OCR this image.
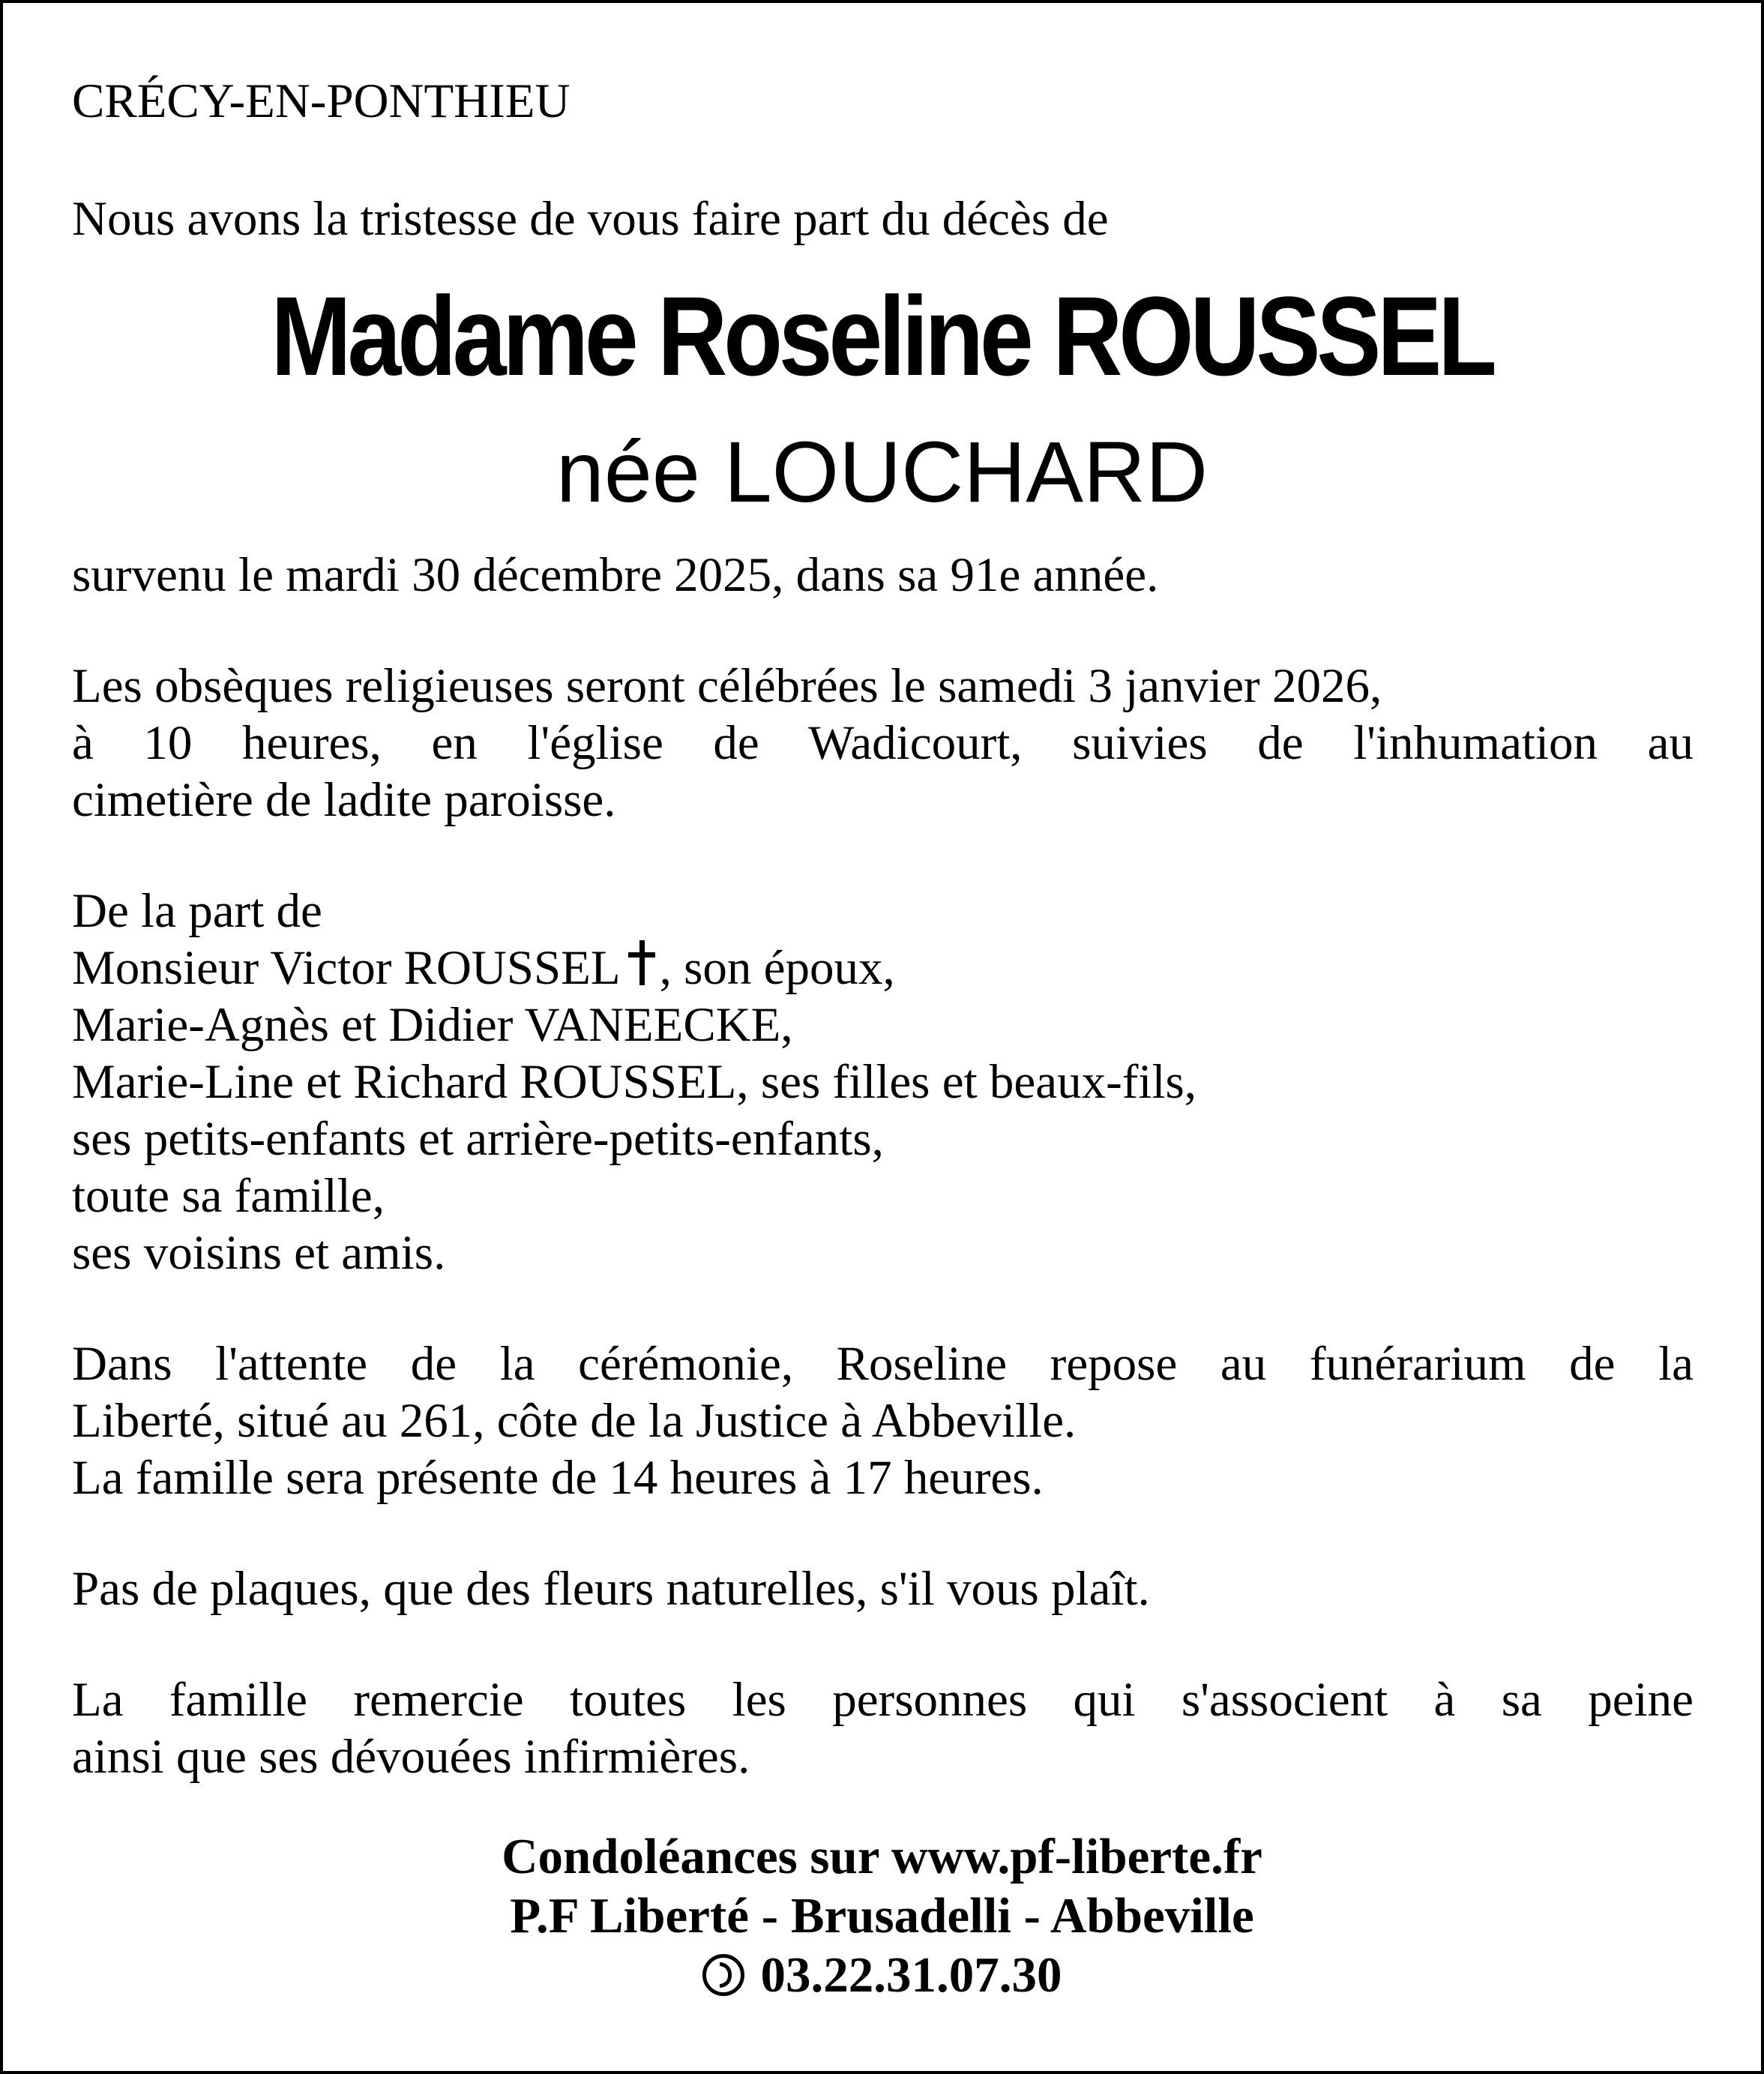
CRÉCY-EN-PONTHIEU
Nous avons la tristesse de vous faire part du décès de
Madame Roseline ROUSSEL
née LOUCHARD
survenu le mardi 30 décembre 2025, dans sa 91e année.
Les obsèques religieuses seront célébrées le samedi 3 janvier 2026,
à 10 heures, en l'église de Wadicourt, suivies de l'inhumation au
cimetière de ladite paroisse.
De la part de
Monsieur Victor ROUSSEL , son époux,
Marie-Agnès et Didier VANEECKE,
Marie-Line et Richard ROUSSEL, ses filles et beaux-fils,
ses petits-enfants et arrière-petits-enfants,
toute sa famille,
ses voisins et amis.
Dans l'attente de la cérémonie, Roseline repose au funérarium de la
Liberté, situé au 261, côte de la Justice à Abbeville.
La famille sera présente de 14 heures à 17 heures.
Pas de plaques, que des fleurs naturelles, s'il vous plaît.
La famille remercie toutes les personnes qui s'associent à sa peine
ainsi que ses dévouées infirmières.
Condoléances sur www.pf-liberte.fr
P.F Liberté - Brusadelli - Abbeville
03.22.31.07.30
